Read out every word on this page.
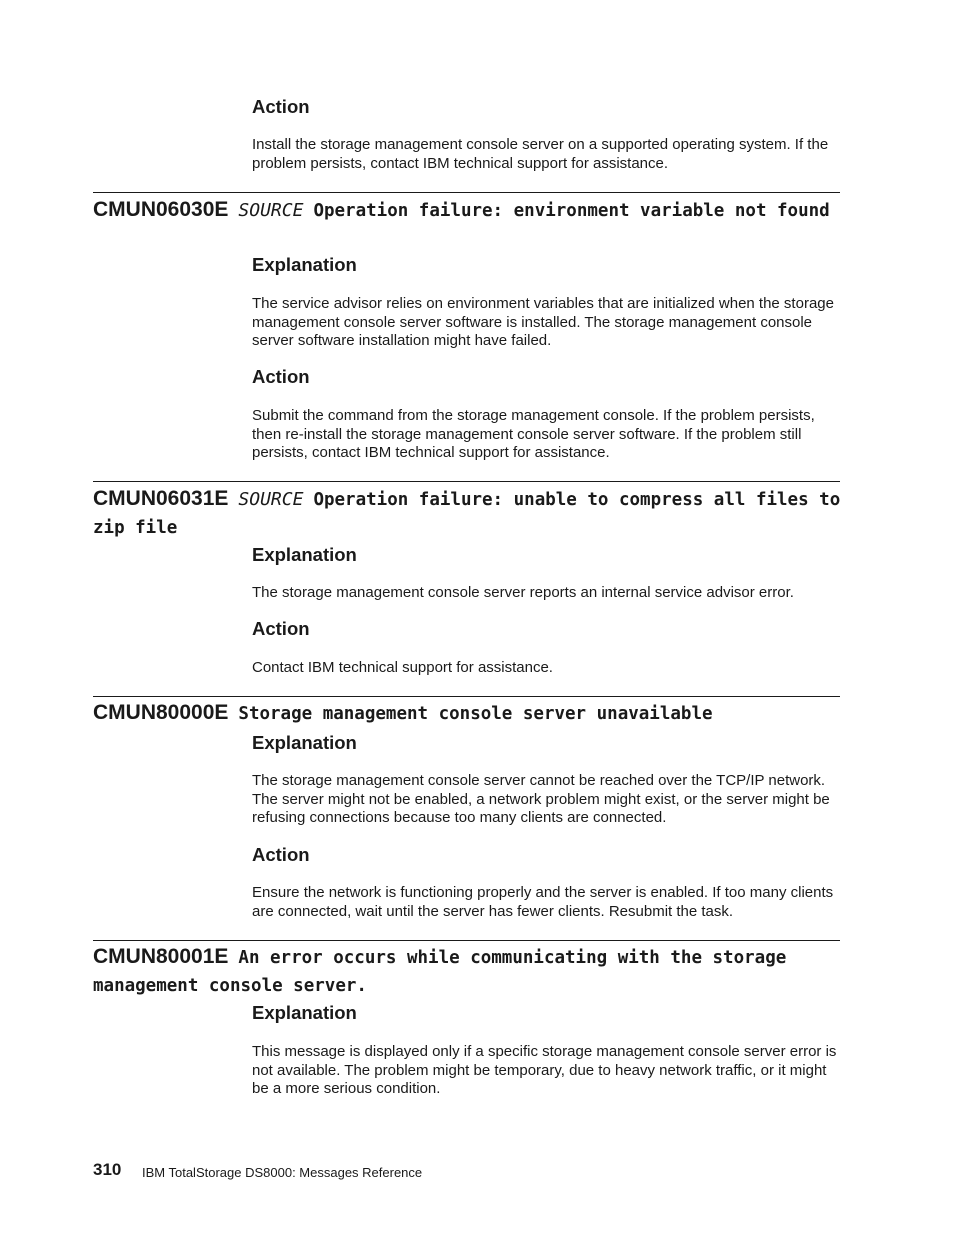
Action

Install the storage management console server on a supported operating system. If the problem persists, contact IBM technical support for assistance.

CMUN06030E SOURCE Operation failure: environment variable not found
Explanation

The service advisor relies on environment variables that are initialized when the storage management console server software is installed. The storage management console server software installation might have failed.

Action

Submit the command from the storage management console. If the problem persists, then re-install the storage management console server software. If the problem still persists, contact IBM technical support for assistance.

CMUN06031E SOURCE Operation failure: unable to compress all files to zip file
Explanation

The storage management console server reports an internal service advisor error.

Action

Contact IBM technical support for assistance.

CMUN80000E Storage management console server unavailable
Explanation

The storage management console server cannot be reached over the TCP/IP network. The server might not be enabled, a network problem might exist, or the server might be refusing connections because too many clients are connected.

Action

Ensure the network is functioning properly and the server is enabled. If too many clients are connected, wait until the server has fewer clients. Resubmit the task.

CMUN80001E An error occurs while communicating with the storage management console server.
Explanation

This message is displayed only if a specific storage management console server error is not available. The problem might be temporary, due to heavy network traffic, or it might be a more serious condition.

310 IBM TotalStorage DS8000: Messages Reference
